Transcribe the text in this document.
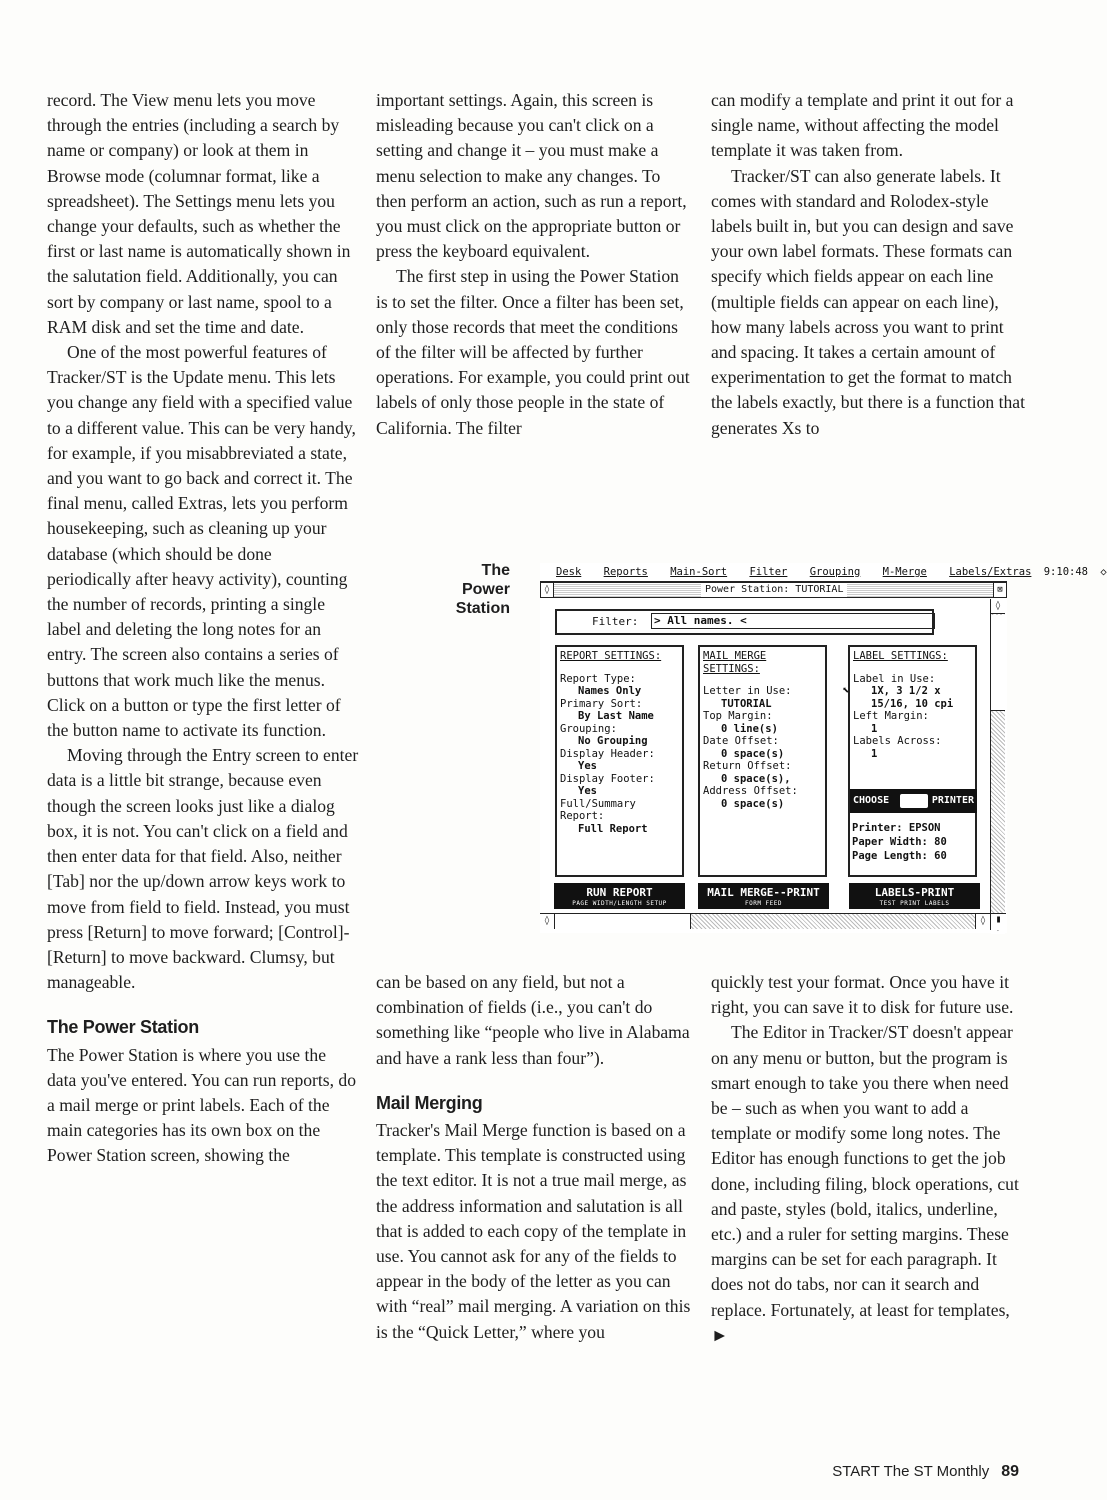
record. The View menu lets you move through the entries (including a search by name or company) or look at them in Browse mode (columnar format, like a spreadsheet). The Settings menu lets you change your defaults, such as whether the first or last name is automatically shown in the salutation field. Additionally, you can sort by company or last name, spool to a RAM disk and set the time and date.

One of the most powerful features of Tracker/ST is the Update menu. This lets you change any field with a specified value to a different value. This can be very handy, for example, if you misabbreviated a state, and you want to go back and correct it. The final menu, called Extras, lets you perform housekeeping, such as cleaning up your database (which should be done periodically after heavy activity), counting the number of records, printing a single label and deleting the long notes for an entry. The screen also contains a series of buttons that work much like the menus. Click on a button or type the first letter of the button name to activate its function.

Moving through the Entry screen to enter data is a little bit strange, because even though the screen looks just like a dialog box, it is not. You can't click on a field and then enter data for that field. Also, neither [Tab] nor the up/down arrow keys work to move from field to field. Instead, you must press [Return] to move forward; [Control]-[Return] to move backward. Clumsy, but manageable.

The Power Station

The Power Station is where you use the data you've entered. You can run reports, do a mail merge or print labels. Each of the main categories has its own box on the Power Station screen, showing the

important settings. Again, this screen is misleading because you can't click on a setting and change it – you must make a menu selection to make any changes. To then perform an action, such as run a report, you must click on the appropriate button or press the keyboard equivalent.

The first step in using the Power Station is to set the filter. Once a filter has been set, only those records that meet the conditions of the filter will be affected by further operations. For example, you could print out labels of only those people in the state of California. The filter

can modify a template and print it out for a single name, without affecting the model template it was taken from.

Tracker/ST can also generate labels. It comes with standard and Rolodex-style labels built in, but you can design and save your own label formats. These formats can specify which fields appear on each line (multiple fields can appear on each line), how many labels across you want to print and spacing. It takes a certain amount of experimentation to get the format to match the labels exactly, but there is a function that generates Xs to

can be based on any field, but not a combination of fields (i.e., you can't do something like “people who live in Alabama and have a rank less than four”).

Mail Merging

Tracker's Mail Merge function is based on a template. This template is constructed using the text editor. It is not a true mail merge, as the address information and salutation is all that is added to each copy of the template in use. You cannot ask for any of the fields to appear in the body of the letter as you can with “real” mail merging. A variation on this is the “Quick Letter,” where you

quickly test your format. Once you have it right, you can save it to disk for future use.

The Editor in Tracker/ST doesn't appear on any menu or button, but the program is smart enough to take you there when need be – such as when you want to add a template or modify some long notes. The Editor has enough functions to get the job done, including filing, block operations, cut and paste, styles (bold, italics, underline, etc.) and a ruler for setting margins. These margins can be set for each paragraph. It does not do tabs, nor can it search and replace. Fortunately, at least for templates, ►

The
Power
Station
Desk Reports Main-Sort Filter Grouping M-Merge Labels/Extras 9:10:48 ◇
◊	Power Station: TUTORIAL	⊠
Filter: > All names. <
REPORT SETTINGS:
Report Type:
Names Only
Primary Sort:
By Last Name
Grouping:
No Grouping
Display Header:
Yes
Display Footer:
Yes
Full/Summary Report:
Full Report
MAIL MERGE SETTINGS:
Letter in Use:
TUTORIAL
Top Margin:
0 line(s)
Date Offset:
0 space(s)
Return Offset:
0 space(s),
Address Offset:
0 space(s)
LABEL SETTINGS:
Label in Use:
1X, 3 1/2 x
15/16, 10 cpi
Left Margin:
1
Labels Across:
1
CHOOSE	PRINTER
Printer: EPSON
Paper Width: 80
Page Length: 60
⬉
RUN REPORT
PAGE WIDTH/LENGTH SETUP
MAIL MERGE--PRINT
FORM FEED
LABELS-PRINT
TEST PRINT LABELS
◊
◊	◊ ▮
START The ST Monthly 89
